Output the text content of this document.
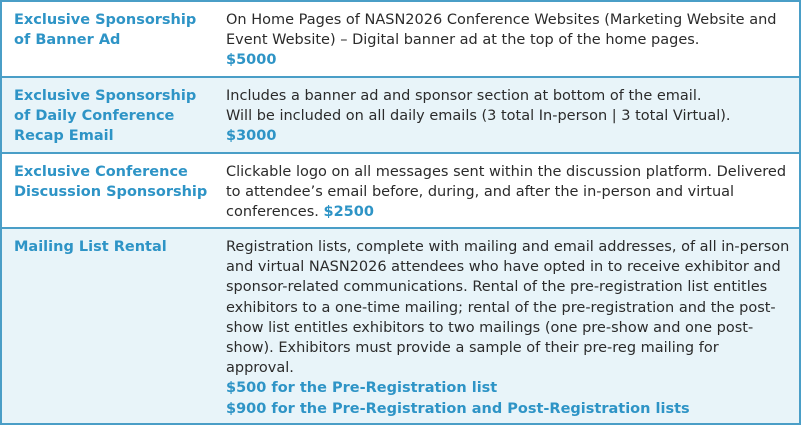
Exclusive Sponsorship of Banner Ad	On Home Pages of NASN2026 Conference Websites (Marketing Website and Event Website) – Digital banner ad at the top of the home pages.
$5000

Exclusive Sponsorship of Daily Conference Recap Email	Includes a banner ad and sponsor section at bottom of the email.
Will be included on all daily emails (3 total In-person | 3 total Virtual).
$3000

Exclusive Conference Discussion Sponsorship	Clickable logo on all messages sent within the discussion platform. Delivered to attendee’s email before, during, and after the in-person and virtual conferences. $2500

Mailing List Rental	Registration lists, complete with mailing and email addresses, of all in-person and virtual NASN2026 attendees who have opted in to receive exhibitor and sponsor-related communications. Rental of the pre-registration list entitles exhibitors to a one-time mailing; rental of the pre-registration and the post-show list entitles exhibitors to two mailings (one pre-show and one post-show). Exhibitors must provide a sample of their pre-reg mailing for approval.
$500 for the Pre-Registration list
$900 for the Pre-Registration and Post-Registration lists
